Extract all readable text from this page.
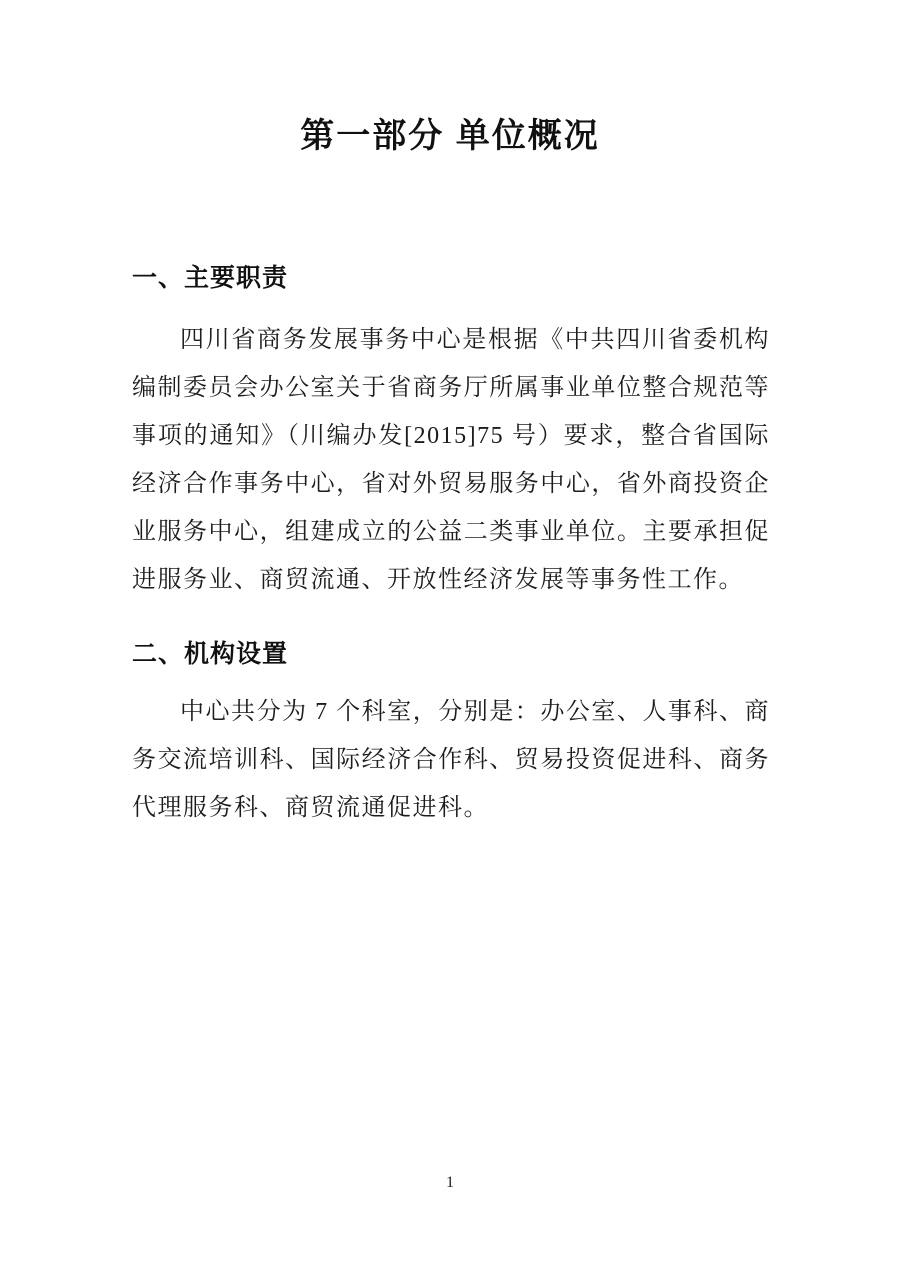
第一部分 单位概况
一、主要职责

四川省商务发展事务中心是根据《中共四川省委机构编制委员会办公室关于省商务厅所属事业单位整合规范等事项的通知》（川编办发[2015]75 号）要求，整合省国际经济合作事务中心，省对外贸易服务中心，省外商投资企业服务中心，组建成立的公益二类事业单位。主要承担促进服务业、商贸流通、开放性经济发展等事务性工作。

二、机构设置

中心共分为 7 个科室，分别是：办公室、人事科、商务交流培训科、国际经济合作科、贸易投资促进科、商务代理服务科、商贸流通促进科。

1
